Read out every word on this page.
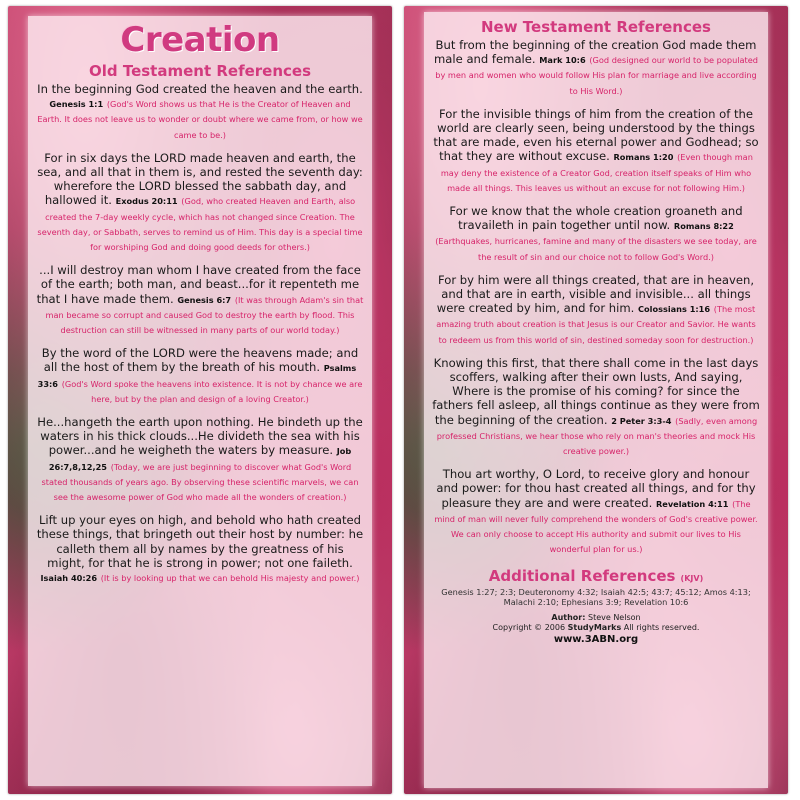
Creation
Old Testament References

In the beginning God created the heaven and the earth. Genesis 1:1 (God's Word shows us that He is the Creator of Heaven and Earth. It does not leave us to wonder or doubt where we came from, or how we came to be.)

For in six days the LORD made heaven and earth, the sea, and all that in them is, and rested the seventh day: wherefore the LORD blessed the sabbath day, and hallowed it. Exodus 20:11 (God, who created Heaven and Earth, also created the 7-day weekly cycle, which has not changed since Creation. The seventh day, or Sabbath, serves to remind us of Him. This day is a special time for worshiping God and doing good deeds for others.)

...I will destroy man whom I have created from the face of the earth; both man, and beast...for it repenteth me that I have made them. Genesis 6:7 (It was through Adam's sin that man became so corrupt and caused God to destroy the earth by flood. This destruction can still be witnessed in many parts of our world today.)

By the word of the LORD were the heavens made; and all the host of them by the breath of his mouth. Psalms 33:6 (God's Word spoke the heavens into existence. It is not by chance we are here, but by the plan and design of a loving Creator.)

He...hangeth the earth upon nothing. He bindeth up the waters in his thick clouds...He divideth the sea with his power...and he weigheth the waters by measure. Job 26:7,8,12,25 (Today, we are just beginning to discover what God's Word stated thousands of years ago. By observing these scientific marvels, we can see the awesome power of God who made all the wonders of creation.)

Lift up your eyes on high, and behold who hath created these things, that bringeth out their host by number: he calleth them all by names by the greatness of his might, for that he is strong in power; not one faileth. Isaiah 40:26 (It is by looking up that we can behold His majesty and power.)

New Testament References

But from the beginning of the creation God made them male and female. Mark 10:6 (God designed our world to be populated by men and women who would follow His plan for marriage and live according to His Word.)

For the invisible things of him from the creation of the world are clearly seen, being understood by the things that are made, even his eternal power and Godhead; so that they are without excuse. Romans 1:20 (Even though man may deny the existence of a Creator God, creation itself speaks of Him who made all things. This leaves us without an excuse for not following Him.)

For we know that the whole creation groaneth and travaileth in pain together until now. Romans 8:22 (Earthquakes, hurricanes, famine and many of the disasters we see today, are the result of sin and our choice not to follow God's Word.)

For by him were all things created, that are in heaven, and that are in earth, visible and invisible... all things were created by him, and for him. Colossians 1:16 (The most amazing truth about creation is that Jesus is our Creator and Savior. He wants to redeem us from this world of sin, destined someday soon for destruction.)

Knowing this first, that there shall come in the last days scoffers, walking after their own lusts, And saying, Where is the promise of his coming? for since the fathers fell asleep, all things continue as they were from the beginning of the creation. 2 Peter 3:3-4 (Sadly, even among professed Christians, we hear those who rely on man's theories and mock His creative power.)

Thou art worthy, O Lord, to receive glory and honour and power: for thou hast created all things, and for thy pleasure they are and were created. Revelation 4:11 (The mind of man will never fully comprehend the wonders of God's creative power. We can only choose to accept His authority and submit our lives to His wonderful plan for us.)

Additional References (KJV)
Genesis 1:27; 2:3; Deuteronomy 4:32; Isaiah 42:5; 43:7; 45:12; Amos 4:13; Malachi 2:10; Ephesians 3:9; Revelation 10:6
Author: Steve Nelson
Copyright © 2006 StudyMarks All rights reserved.
www.3ABN.org
